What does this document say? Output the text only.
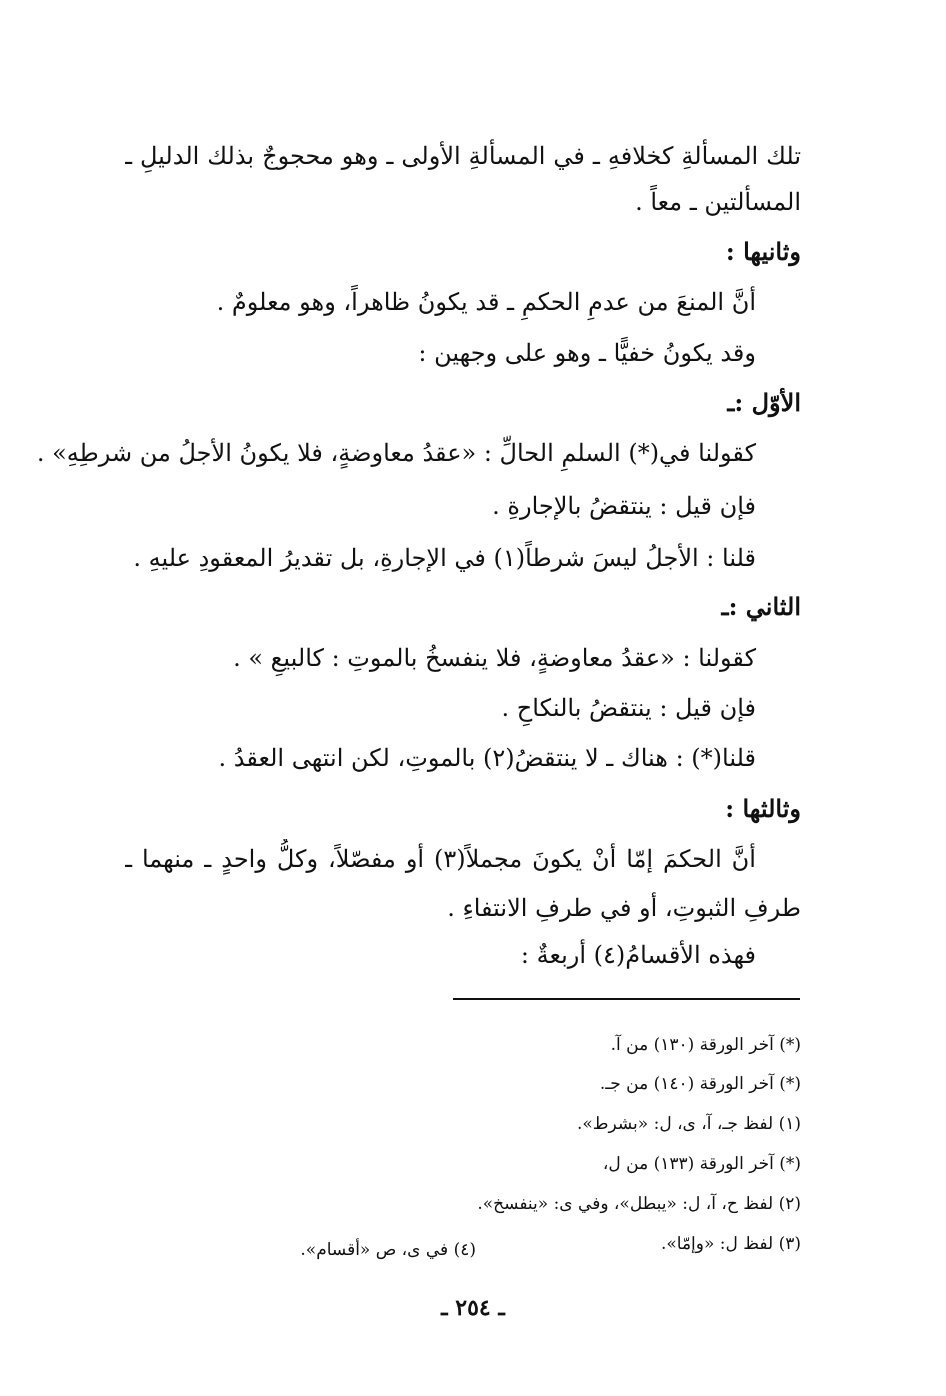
تلك المسألةِ كخلافهِ ـ في المسألةِ الأولى ـ وهو محجوجٌ بذلك الدليلِ ـ
المسألتين ـ معاً .
وثانيها :
أنَّ المنعَ من عدمِ الحكمِ ـ قد يكونُ ظاهراً، وهو معلومٌ .
وقد يكونُ خفيًّا ـ وهو على وجهين :
الأوّل :ـ
كقولنا في(*) السلمِ الحالِّ : «عقدُ معاوضةٍ، فلا يكونُ الأجلُ من شرطِهِ» .
فإن قيل : ينتقضُ بالإجارةِ .
قلنا : الأجلُ ليسَ شرطاً(١) في الإجارةِ، بل تقديرُ المعقودِ عليهِ .
الثاني :ـ
كقولنا : «عقدُ معاوضةٍ، فلا ينفسخُ بالموتِ : كالبيعِ » .
فإن قيل : ينتقضُ بالنكاحِ .
قلنا(*) : هناك ـ لا ينتقضُ(٢) بالموتِ، لكن انتهى العقدُ .
وثالثها :
أنَّ الحكمَ إمّا أنْ يكونَ مجملاً(٣) أو مفصّلاً، وكلُّ واحدٍ ـ منهما ـ
طرفِ الثبوتِ، أو في طرفِ الانتفاءِ .
فهذه الأقسامُ(٤) أربعةٌ :
(*) آخر الورقة (١٣٠) من آ.
(*) آخر الورقة (١٤٠) من جـ.
(١) لفظ جـ، آ، ى، ل: «بشرط».
(*) آخر الورقة (١٣٣) من ل،
(٢) لفظ ح، آ، ل: «يبطل»، وفي ى: «ينفسخ».
(٣) لفظ ل: «وإمّا».
(٤) في ى، ص «أقسام».
ـ ٢٥٤ ـ
